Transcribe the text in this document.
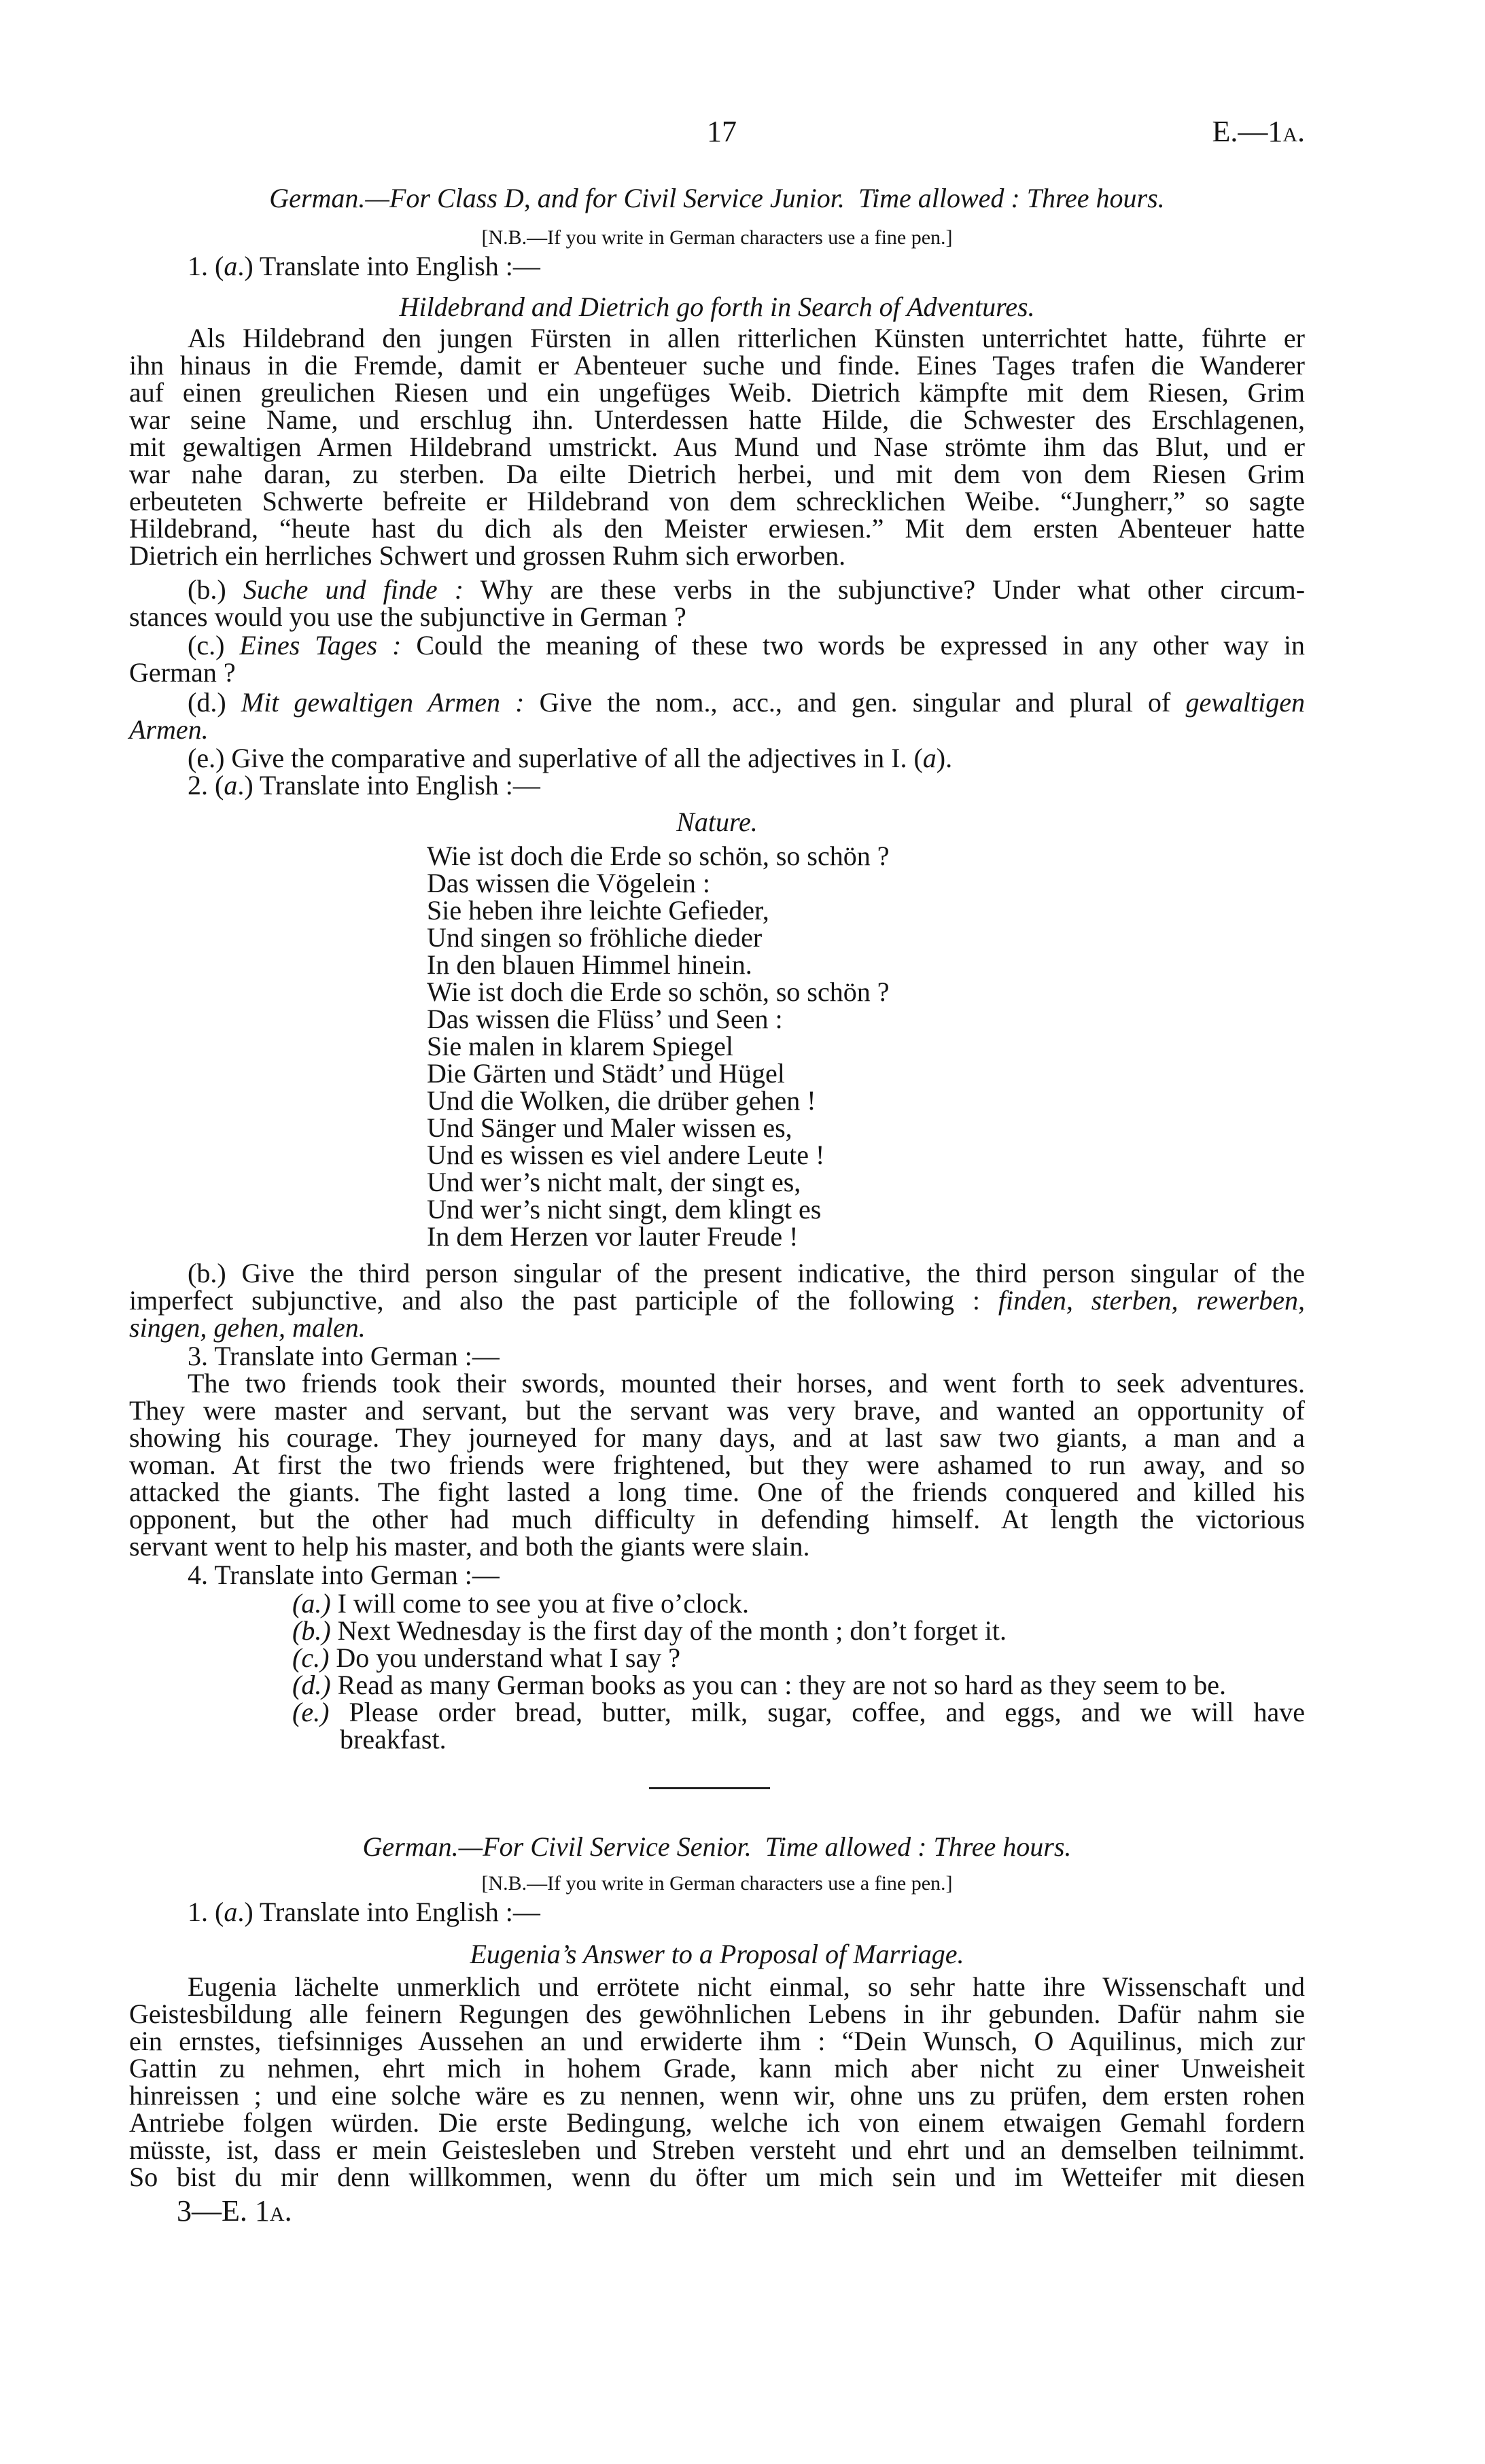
17	E.—1A.
German.—For Class D, and for Civil Service Junior. Time allowed : Three hours.
[N.B.—If you write in German characters use a fine pen.]
1. (a.) Translate into English :—
Hildebrand and Dietrich go forth in Search of Adventures.
Als Hildebrand den jungen Fürsten in allen ritterlichen Künsten unterrichtet hatte, führte er
ihn hinaus in die Fremde, damit er Abenteuer suche und finde. Eines Tages trafen die Wanderer
auf einen greulichen Riesen und ein ungefüges Weib. Dietrich kämpfte mit dem Riesen, Grim
war seine Name, und erschlug ihn. Unterdessen hatte Hilde, die Schwester des Erschlagenen,
mit gewaltigen Armen Hildebrand umstrickt. Aus Mund und Nase strömte ihm das Blut, und er
war nahe daran, zu sterben. Da eilte Dietrich herbei, und mit dem von dem Riesen Grim
erbeuteten Schwerte befreite er Hildebrand von dem schrecklichen Weibe. “Jungherr,” so sagte
Hildebrand, “heute hast du dich als den Meister erwiesen.” Mit dem ersten Abenteuer hatte
Dietrich ein herrliches Schwert und grossen Ruhm sich erworben.
(b.) Suche und finde : Why are these verbs in the subjunctive? Under what other circum-
stances would you use the subjunctive in German ?
(c.) Eines Tages : Could the meaning of these two words be expressed in any other way in
German ?
(d.) Mit gewaltigen Armen : Give the nom., acc., and gen. singular and plural of gewaltigen
Armen.
(e.) Give the comparative and superlative of all the adjectives in I. (a).
2. (a.) Translate into English :—
Nature.
Wie ist doch die Erde so schön, so schön ?
Das wissen die Vögelein :
Sie heben ihre leichte Gefieder,
Und singen so fröhliche dieder
In den blauen Himmel hinein.
Wie ist doch die Erde so schön, so schön ?
Das wissen die Flüss’ und Seen :
Sie malen in klarem Spiegel
Die Gärten und Städt’ und Hügel
Und die Wolken, die drüber gehen !
Und Sänger und Maler wissen es,
Und es wissen es viel andere Leute !
Und wer’s nicht malt, der singt es,
Und wer’s nicht singt, dem klingt es
In dem Herzen vor lauter Freude !
(b.) Give the third person singular of the present indicative, the third person singular of the
imperfect subjunctive, and also the past participle of the following : finden, sterben, rewerben,
singen, gehen, malen.
3. Translate into German :—
The two friends took their swords, mounted their horses, and went forth to seek adventures.
They were master and servant, but the servant was very brave, and wanted an opportunity of
showing his courage. They journeyed for many days, and at last saw two giants, a man and a
woman. At first the two friends were frightened, but they were ashamed to run away, and so
attacked the giants. The fight lasted a long time. One of the friends conquered and killed his
opponent, but the other had much difficulty in defending himself. At length the victorious
servant went to help his master, and both the giants were slain.
4. Translate into German :—
(a.) I will come to see you at five o’clock.
(b.) Next Wednesday is the first day of the month ; don’t forget it.
(c.) Do you understand what I say ?
(d.) Read as many German books as you can : they are not so hard as they seem to be.
(e.) Please order bread, butter, milk, sugar, coffee, and eggs, and we will have
breakfast.
German.—For Civil Service Senior. Time allowed : Three hours.
[N.B.—If you write in German characters use a fine pen.]
1. (a.) Translate into English :—
Eugenia’s Answer to a Proposal of Marriage.
Eugenia lächelte unmerklich und errötete nicht einmal, so sehr hatte ihre Wissenschaft und
Geistesbildung alle feinern Regungen des gewöhnlichen Lebens in ihr gebunden. Dafür nahm sie
ein ernstes, tiefsinniges Aussehen an und erwiderte ihm : “Dein Wunsch, O Aquilinus, mich zur
Gattin zu nehmen, ehrt mich in hohem Grade, kann mich aber nicht zu einer Unweisheit
hinreissen ; und eine solche wäre es zu nennen, wenn wir, ohne uns zu prüfen, dem ersten rohen
Antriebe folgen würden. Die erste Bedingung, welche ich von einem etwaigen Gemahl fordern
müsste, ist, dass er mein Geistesleben und Streben versteht und ehrt und an demselben teilnimmt.
So bist du mir denn willkommen, wenn du öfter um mich sein und im Wetteifer mit diesen
3—E. 1A.
